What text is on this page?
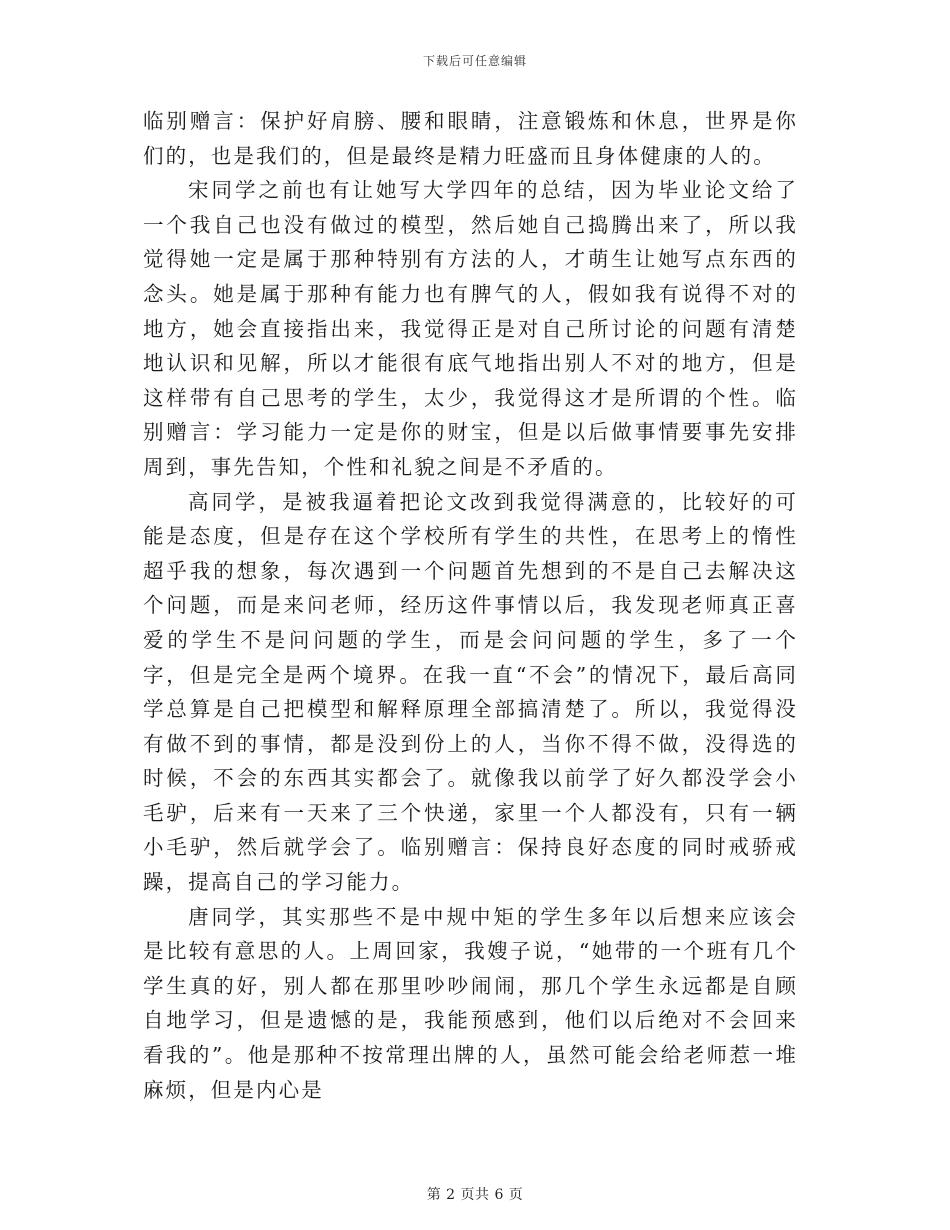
下载后可任意编辑

临别赠言：保护好肩膀、腰和眼睛，注意锻炼和休息，世界是你们的，也是我们的，但是最终是精力旺盛而且身体健康的人的。

宋同学之前也有让她写大学四年的总结，因为毕业论文给了一个我自己也没有做过的模型，然后她自己捣腾出来了，所以我觉得她一定是属于那种特别有方法的人，才萌生让她写点东西的念头。她是属于那种有能力也有脾气的人，假如我有说得不对的地方，她会直接指出来，我觉得正是对自己所讨论的问题有清楚地认识和见解，所以才能很有底气地指出别人不对的地方，但是这样带有自己思考的学生，太少，我觉得这才是所谓的个性。临别赠言：学习能力一定是你的财宝，但是以后做事情要事先安排周到，事先告知，个性和礼貌之间是不矛盾的。

高同学，是被我逼着把论文改到我觉得满意的，比较好的可能是态度，但是存在这个学校所有学生的共性，在思考上的惰性超乎我的想象，每次遇到一个问题首先想到的不是自己去解决这个问题，而是来问老师，经历这件事情以后，我发现老师真正喜爱的学生不是问问题的学生，而是会问问题的学生，多了一个字，但是完全是两个境界。在我一直“不会”的情况下，最后高同学总算是自己把模型和解释原理全部搞清楚了。所以，我觉得没有做不到的事情，都是没到份上的人，当你不得不做，没得选的时候，不会的东西其实都会了。就像我以前学了好久都没学会小毛驴，后来有一天来了三个快递，家里一个人都没有，只有一辆小毛驴，然后就学会了。临别赠言：保持良好态度的同时戒骄戒躁，提高自己的学习能力。

唐同学，其实那些不是中规中矩的学生多年以后想来应该会是比较有意思的人。上周回家，我嫂子说，“她带的一个班有几个学生真的好，别人都在那里吵吵闹闹，那几个学生永远都是自顾自地学习，但是遗憾的是，我能预感到，他们以后绝对不会回来看我的”。他是那种不按常理出牌的人，虽然可能会给老师惹一堆麻烦，但是内心是

第 2 页共 6 页
